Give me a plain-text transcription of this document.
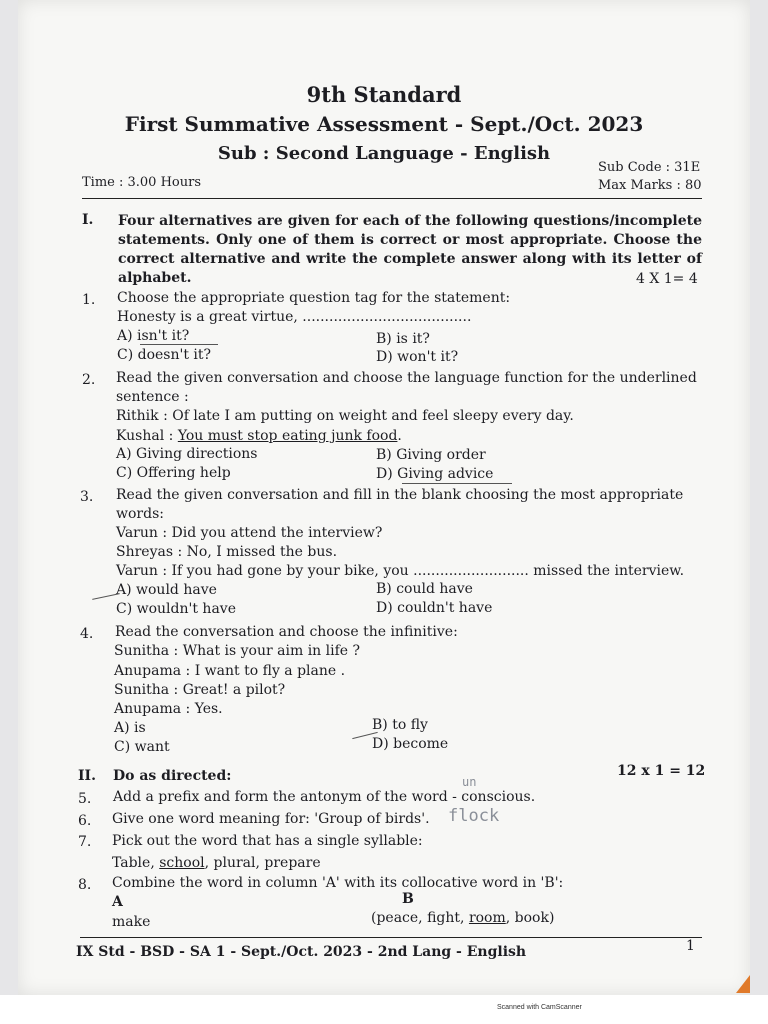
9th Standard
First Summative Assessment - Sept./Oct. 2023
Sub : Second Language - English
Sub Code : 31E
Max Marks : 80
Time : 3.00 Hours
I. Four alternatives are given for each of the following questions/incomplete statements. Only one of them is correct or most appropriate. Choose the correct alternative and write the complete answer along with its letter of alphabet.	4 X 1= 4
1. Choose the appropriate question tag for the statement:
Honesty is a great virtue, ......................................
A) isn't it?	B) is it?
C) doesn't it?	D) won't it?
2. Read the given conversation and choose the language function for the underlined
sentence :
Rithik : Of late I am putting on weight and feel sleepy every day.
Kushal : You must stop eating junk food.
A) Giving directions	B) Giving order
C) Offering help	D) Giving advice
3. Read the given conversation and fill in the blank choosing the most appropriate
words:
Varun : Did you attend the interview?
Shreyas : No, I missed the bus.
Varun : If you had gone by your bike, you .......................... missed the interview.
A) would have	B) could have
C) wouldn't have	D) couldn't have
4. Read the conversation and choose the infinitive:
Sunitha : What is your aim in life ?
Anupama : I want to fly a plane .
Sunitha : Great! a pilot?
Anupama : Yes.
A) is	B) to fly
C) want	D) become
II. Do as directed:	12 x 1 = 12
5. Add a prefix and form the antonym of the word - conscious.
un
6. Give one word meaning for: 'Group of birds'. flock
7. Pick out the word that has a single syllable:
Table, school, plural, prepare
8. Combine the word in column 'A' with its collocative word in 'B':
A	B
make	(peace, fight, room, book)
IX Std - BSD - SA 1 - Sept./Oct. 2023 - 2nd Lang - English	1
Scanned with CamScanner
